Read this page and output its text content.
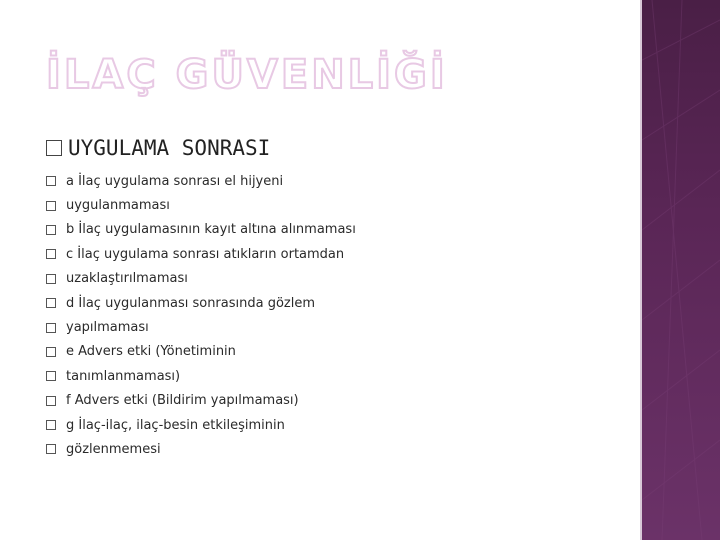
İLAÇ GÜVENLİĞİ
UYGULAMA SONRASI
a İlaç uygulama sonrası el hijyeni
uygulanmaması
b İlaç uygulamasının kayıt altına alınmaması
c İlaç uygulama sonrası atıkların ortamdan
uzaklaştırılmaması
d İlaç uygulanması sonrasında gözlem
yapılmaması
e Advers etki (Yönetiminin
tanımlanmaması)
f Advers etki (Bildirim yapılmaması)
g İlaç-ilaç, ilaç-besin etkileşiminin
gözlenmemesi
